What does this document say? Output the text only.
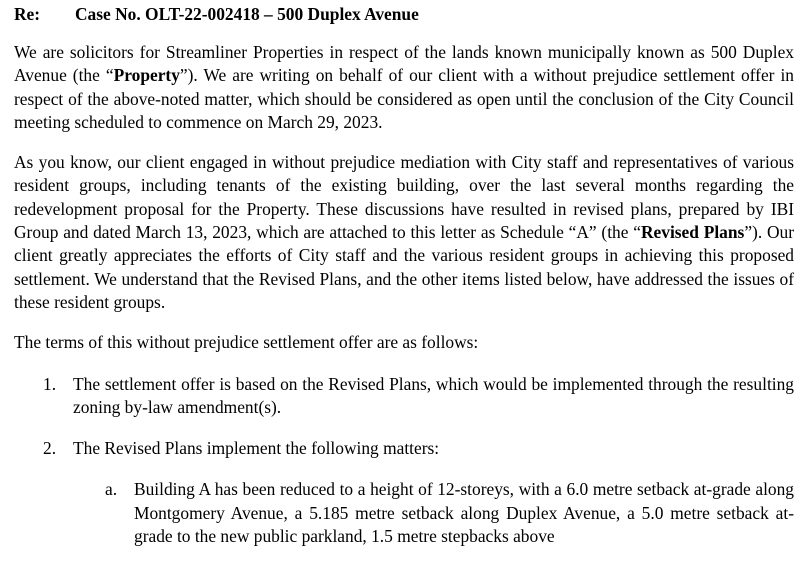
Re: Case No. OLT-22-002418 – 500 Duplex Avenue

We are solicitors for Streamliner Properties in respect of the lands known municipally known as 500 Duplex Avenue (the “Property”). We are writing on behalf of our client with a without prejudice settlement offer in respect of the above-noted matter, which should be considered as open until the conclusion of the City Council meeting scheduled to commence on March 29, 2023.

As you know, our client engaged in without prejudice mediation with City staff and representatives of various resident groups, including tenants of the existing building, over the last several months regarding the redevelopment proposal for the Property. These discussions have resulted in revised plans, prepared by IBI Group and dated March 13, 2023, which are attached to this letter as Schedule “A” (the “Revised Plans”). Our client greatly appreciates the efforts of City staff and the various resident groups in achieving this proposed settlement. We understand that the Revised Plans, and the other items listed below, have addressed the issues of these resident groups.

The terms of this without prejudice settlement offer are as follows:

1. The settlement offer is based on the Revised Plans, which would be implemented through the resulting zoning by-law amendment(s).
2. The Revised Plans implement the following matters:
a. Building A has been reduced to a height of 12-storeys, with a 6.0 metre setback at-grade along Montgomery Avenue, a 5.185 metre setback along Duplex Avenue, a 5.0 metre setback at-grade to the new public parkland, 1.5 metre stepbacks above
